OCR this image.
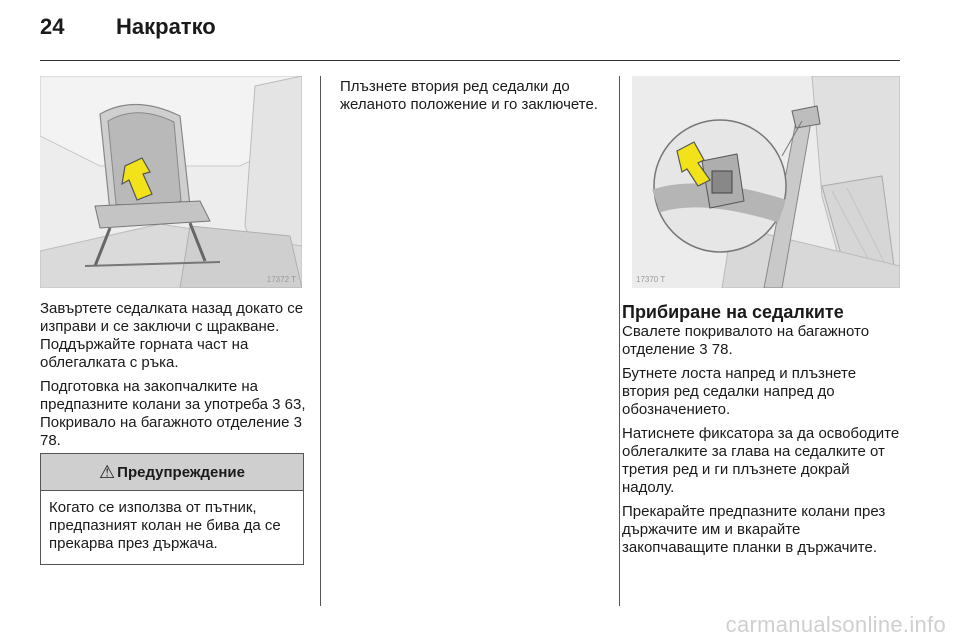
24 Накратко
17372 T	17370 T

Завъртете седалката назад докато се изправи и се заключи с щракване. Поддържайте горната част на облегалката с ръка.

Подготовка на закопчалките на предпазните колани за употреба 3 63, Покривало на багажното отделение 3 78.

⚠ Предупреждение
Когато се използва от пътник, предпазният колан не бива да се прекарва през държача.

Плъзнете втория ред седалки до желаното положение и го заключете.

Прибиране на седалките

Свалете покривалото на багажното отделение 3 78.

Бутнете лоста напред и плъзнете втория ред седалки напред до обозначението.

Натиснете фиксатора за да освободите облегалките за глава на седалките от третия ред и ги плъзнете докрай надолу.

Прекарайте предпазните колани през държачите им и вкарайте закопчаващите планки в държачите.

carmanualsonline.info
